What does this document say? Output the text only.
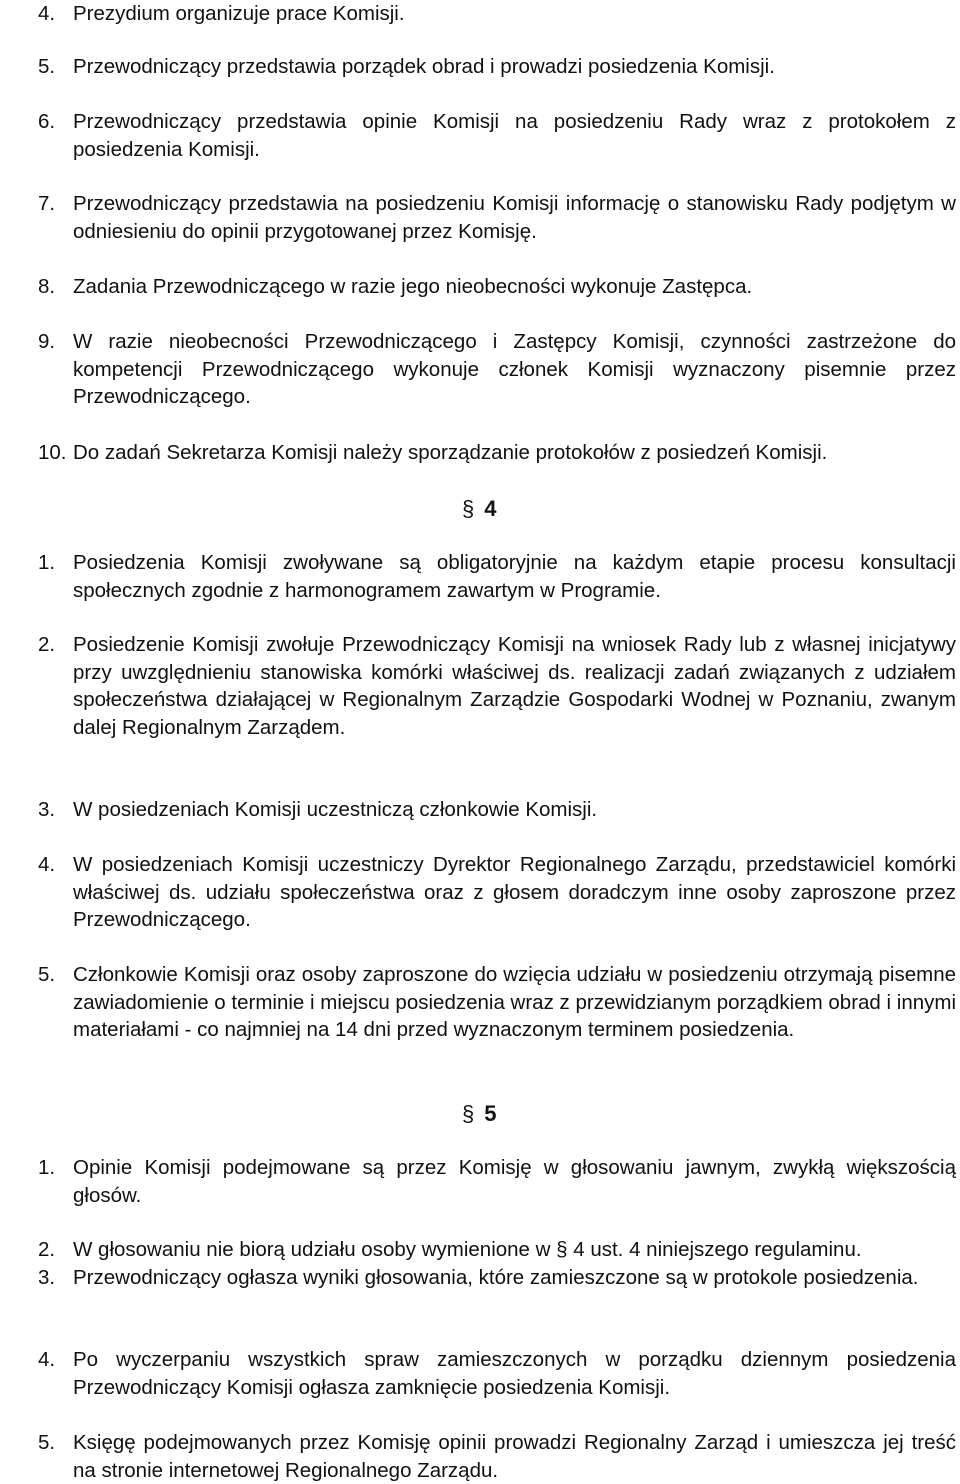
4. Prezydium organizuje prace Komisji.
5. Przewodniczący przedstawia porządek obrad i prowadzi posiedzenia Komisji.
6. Przewodniczący przedstawia opinie Komisji na posiedzeniu Rady wraz z protokołem z posiedzenia Komisji.
7. Przewodniczący przedstawia na posiedzeniu Komisji informację o stanowisku Rady podjętym w odniesieniu do opinii przygotowanej przez Komisję.
8. Zadania Przewodniczącego w razie jego nieobecności wykonuje Zastępca.
9. W razie nieobecności Przewodniczącego i Zastępcy Komisji, czynności zastrzeżone do kompetencji Przewodniczącego wykonuje członek Komisji wyznaczony pisemnie przez Przewodniczącego.
10. Do zadań Sekretarza Komisji należy sporządzanie protokołów z posiedzeń Komisji.
§ 4
1. Posiedzenia Komisji zwoływane są obligatoryjnie na każdym etapie procesu konsultacji społecznych zgodnie z harmonogramem zawartym w Programie.
2. Posiedzenie Komisji zwołuje Przewodniczący Komisji na wniosek Rady lub z własnej inicjatywy przy uwzględnieniu stanowiska komórki właściwej ds. realizacji zadań związanych z udziałem społeczeństwa działającej w Regionalnym Zarządzie Gospodarki Wodnej w Poznaniu, zwanym dalej Regionalnym Zarządem.
3. W posiedzeniach Komisji uczestniczą członkowie Komisji.
4. W posiedzeniach Komisji uczestniczy Dyrektor Regionalnego Zarządu, przedstawiciel komórki właściwej ds. udziału społeczeństwa oraz z głosem doradczym inne osoby zaproszone przez Przewodniczącego.
5. Członkowie Komisji oraz osoby zaproszone do wzięcia udziału w posiedzeniu otrzymają pisemne zawiadomienie o terminie i miejscu posiedzenia wraz z przewidzianym porządkiem obrad i innymi materiałami - co najmniej na 14 dni przed wyznaczonym terminem posiedzenia.
§ 5
1. Opinie Komisji podejmowane są przez Komisję w głosowaniu jawnym, zwykłą większością głosów.
2. W głosowaniu nie biorą udziału osoby wymienione w § 4 ust. 4 niniejszego regulaminu.
3. Przewodniczący ogłasza wyniki głosowania, które zamieszczone są w protokole posiedzenia.
4. Po wyczerpaniu wszystkich spraw zamieszczonych w porządku dziennym posiedzenia Przewodniczący Komisji ogłasza zamknięcie posiedzenia Komisji.
5. Księgę podejmowanych przez Komisję opinii prowadzi Regionalny Zarząd i umieszcza jej treść na stronie internetowej Regionalnego Zarządu.
